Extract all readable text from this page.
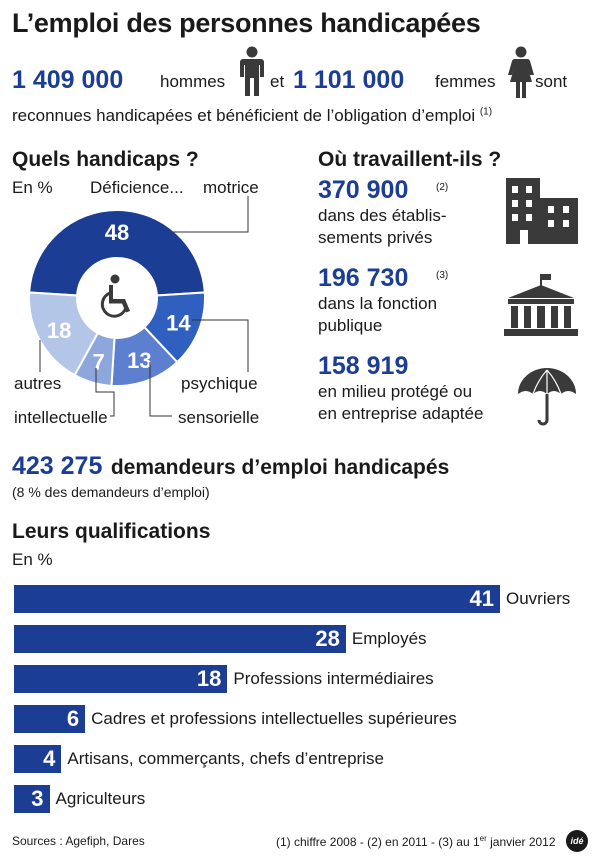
L’emploi des personnes handicapées
1 409 000 hommes	et 1 101 000 femmes sont
reconnues handicapées et bénéficient de l’obligation d’emploi $^{(1)}$
Quels handicaps ?
En % Déficience...
48
14
13
7
18
motrice
psychique
sensorielle
intellectuelle
autres
Où travaillent-ils ?
370 900	(2)
dans des établis-
sements privés
196 730	(3)
dans la fonction
publique
158 919
en milieu protégé ou
en entreprise adaptée
423 275 demandeurs d’emploi handicapés
(8 % des demandeurs d’emploi)
Leurs qualifications
En %
41 Ouvriers
28 Employés
18 Professions intermédiaires
6 Cadres et professions intellectuelles supérieures
4 Artisans, commerçants, chefs d’entreprise
3 Agriculteurs
Sources : Agefiph, Dares	(1) chiffre 2008 - (2) en 2011 - (3) au 1er janvier 2012	idé
